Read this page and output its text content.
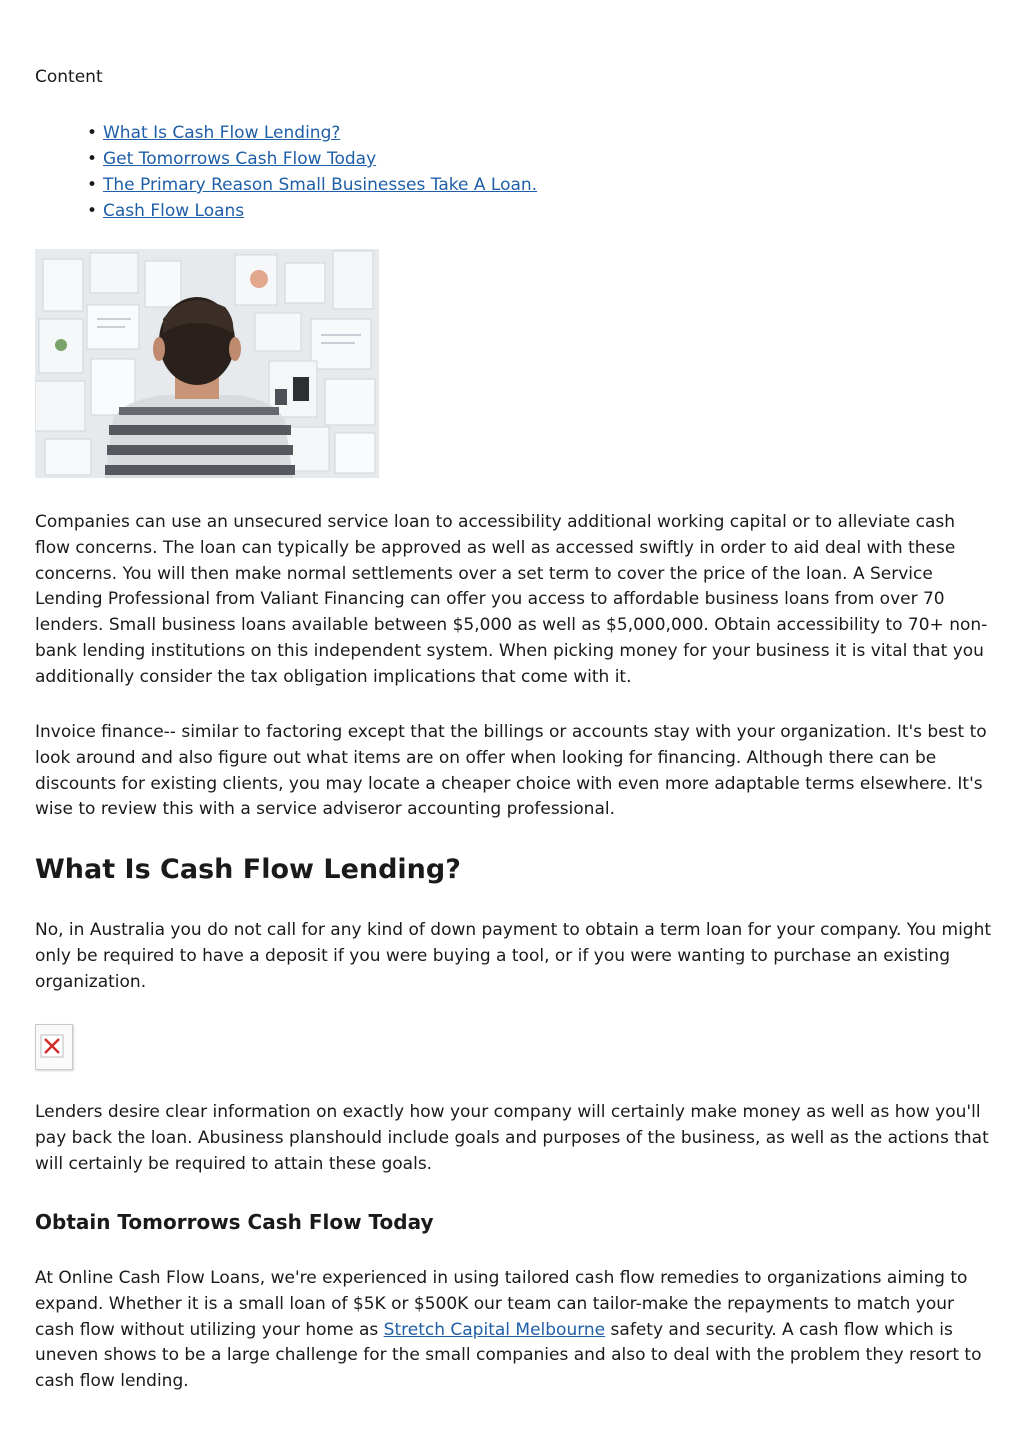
Content
• What Is Cash Flow Lending?
• Get Tomorrows Cash Flow Today
• The Primary Reason Small Businesses Take A Loan.
• Cash Flow Loans

Companies can use an unsecured service loan to accessibility additional working capital or to alleviate cash flow concerns. The loan can typically be approved as well as accessed swiftly in order to aid deal with these concerns. You will then make normal settlements over a set term to cover the price of the loan. A Service Lending Professional from Valiant Financing can offer you access to affordable business loans from over 70 lenders. Small business loans available between $5,000 as well as $5,000,000. Obtain accessibility to 70+ non-bank lending institutions on this independent system. When picking money for your business it is vital that you additionally consider the tax obligation implications that come with it.

Invoice finance-- similar to factoring except that the billings or accounts stay with your organization. It's best to look around and also figure out what items are on offer when looking for financing. Although there can be discounts for existing clients, you may locate a cheaper choice with even more adaptable terms elsewhere. It's wise to review this with a service adviseror accounting professional.

What Is Cash Flow Lending?

No, in Australia you do not call for any kind of down payment to obtain a term loan for your company. You might only be required to have a deposit if you were buying a tool, or if you were wanting to purchase an existing organization.

Lenders desire clear information on exactly how your company will certainly make money as well as how you'll pay back the loan. Abusiness planshould include goals and purposes of the business, as well as the actions that will certainly be required to attain these goals.

Obtain Tomorrows Cash Flow Today

At Online Cash Flow Loans, we're experienced in using tailored cash flow remedies to organizations aiming to expand. Whether it is a small loan of $5K or $500K our team can tailor-make the repayments to match your cash flow without utilizing your home as Stretch Capital Melbourne safety and security. A cash flow which is uneven shows to be a large challenge for the small companies and also to deal with the problem they resort to cash flow lending.
